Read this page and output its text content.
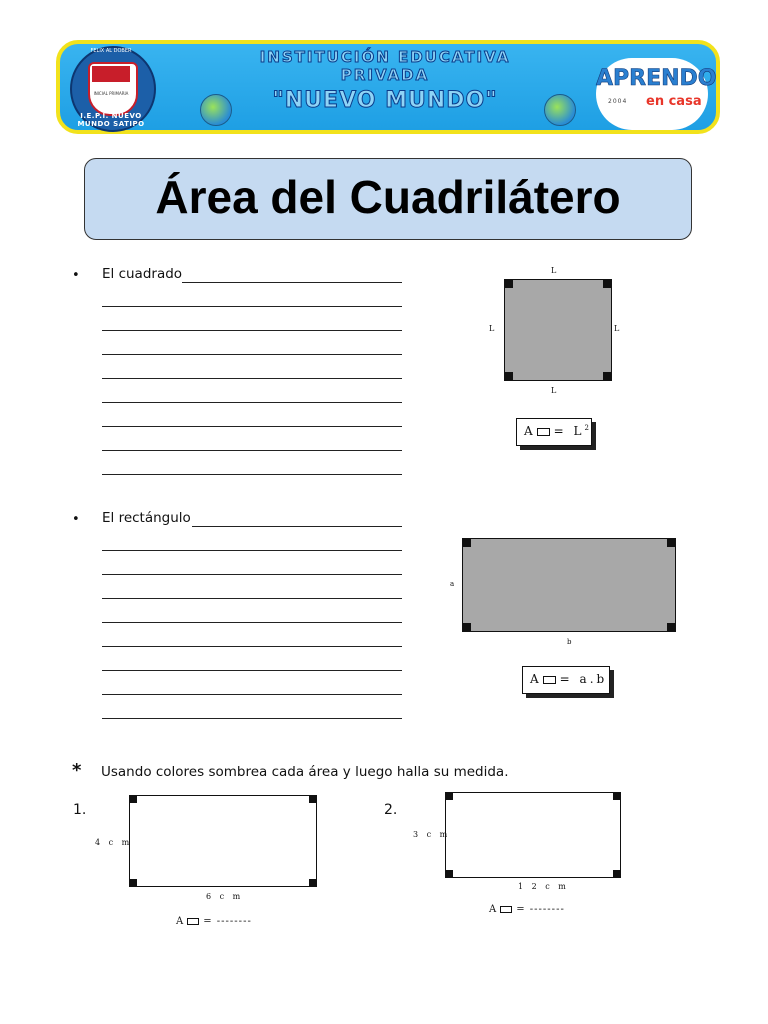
FELIX AL DOBER
INICIAL PRIMARIA
I.E.P.I. NUEVO MUNDO SATIPO
INSTITUCIÓN EDUCATIVA
PRIVADA
"NUEVO MUNDO"
APRENDO
2004 en casa
Área del Cuadrilátero
• El cuadrado	L
L	L
L
$A = L^2$
• El rectángulo
a
b
A = a.b
* Usando colores sombrea cada área y luego halla su medida.
1.
4 c m
6 c m
A = --------
2.
3 c m
1 2 c m
A = --------
